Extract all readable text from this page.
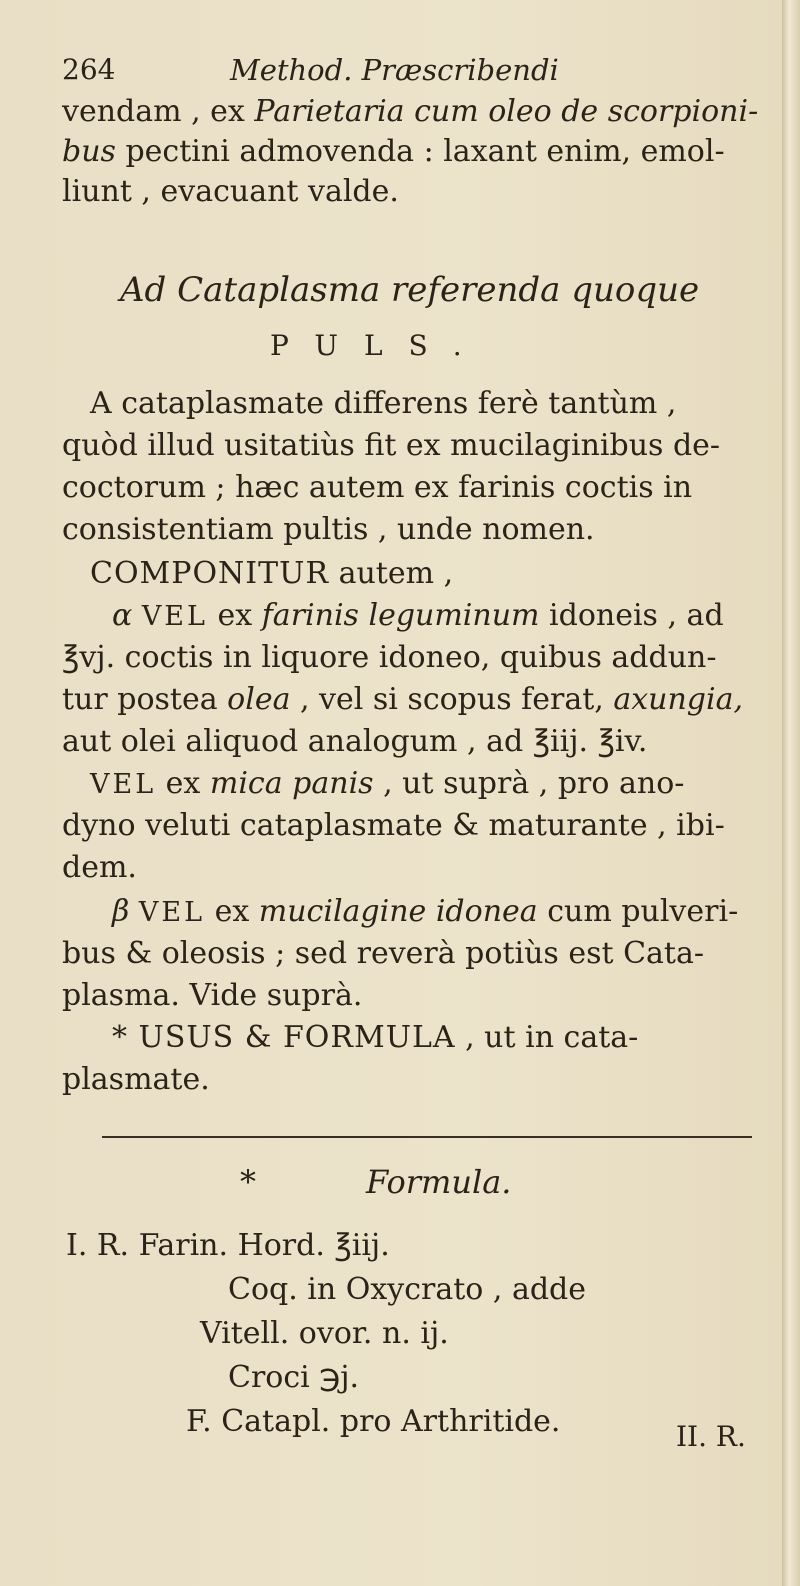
264	Method. Præscribendi

vendam , ex Parietaria cum oleo de scorpioni-

bus pectini admovenda : laxant enim, emol-

liunt , evacuant valde.

Ad Cataplasma referenda quoque

PULS.

A cataplasmate differens ferè tantùm ,

quòd illud usitatiùs fit ex mucilaginibus de-

coctorum ; hæc autem ex farinis coctis in

consistentiam pultis , unde nomen.

COMPONITUR autem ,

α VEL ex farinis leguminum idoneis , ad

℥vj. coctis in liquore idoneo, quibus addun-

tur postea olea , vel si scopus ferat, axungia,

aut olei aliquod analogum , ad ℥iij. ℥iv.

VEL ex mica panis , ut suprà , pro ano-

dyno veluti cataplasmate & maturante , ibi-

dem.

β VEL ex mucilagine idonea cum pulveri-

bus & oleosis ; sed reverà potiùs est Cata-

plasma. Vide suprà.

* USUS & FORMULA , ut in cata-

plasmate.

*	Formula.

I. R. Farin. Hord. ℥iij.

Coq. in Oxycrato , adde

Vitell. ovor. n. ij.

Croci ℈j.

F. Catapl. pro Arthritide.	II. R.
